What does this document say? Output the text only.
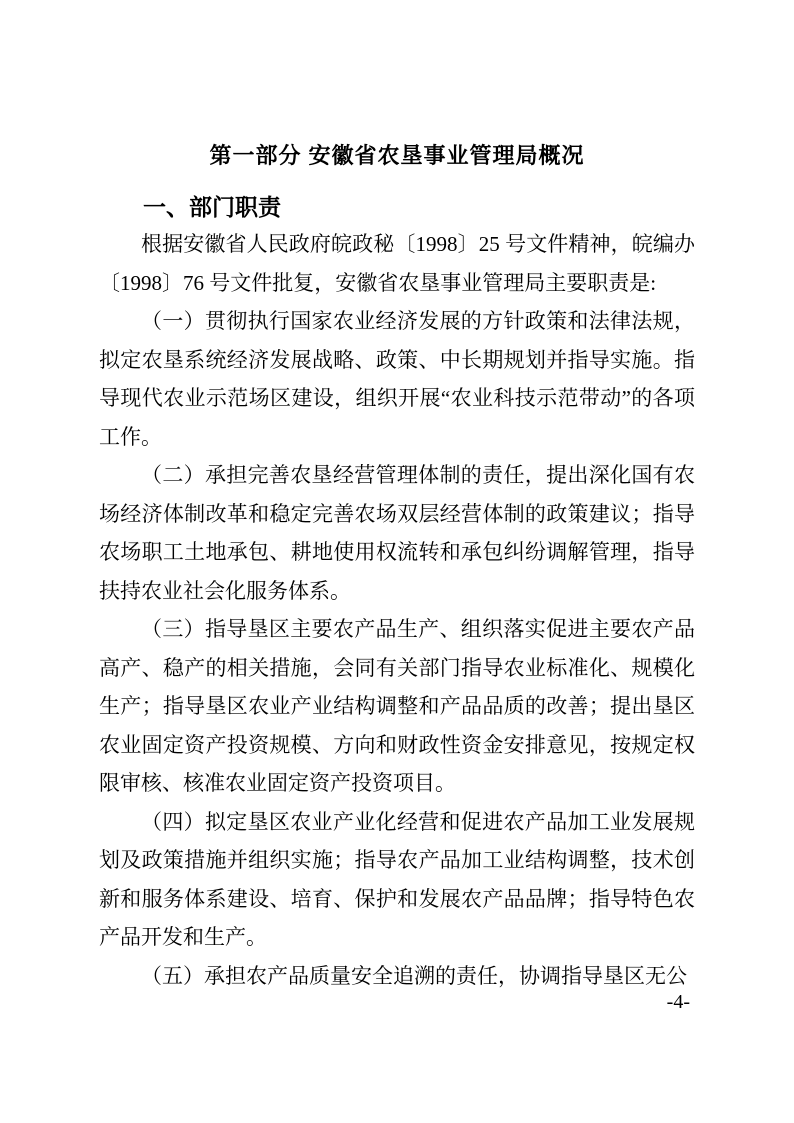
第一部分 安徽省农垦事业管理局概况
一、部门职责

根据安徽省人民政府皖政秘〔1998〕25 号文件精神，皖编办〔1998〕76 号文件批复，安徽省农垦事业管理局主要职责是:

（一）贯彻执行国家农业经济发展的方针政策和法律法规，拟定农垦系统经济发展战略、政策、中长期规划并指导实施。指导现代农业示范场区建设，组织开展“农业科技示范带动”的各项工作。

（二）承担完善农垦经营管理体制的责任，提出深化国有农场经济体制改革和稳定完善农场双层经营体制的政策建议；指导农场职工土地承包、耕地使用权流转和承包纠纷调解管理，指导扶持农业社会化服务体系。

（三）指导垦区主要农产品生产、组织落实促进主要农产品高产、稳产的相关措施，会同有关部门指导农业标准化、规模化生产；指导垦区农业产业结构调整和产品品质的改善；提出垦区农业固定资产投资规模、方向和财政性资金安排意见，按规定权限审核、核准农业固定资产投资项目。

（四）拟定垦区农业产业化经营和促进农产品加工业发展规划及政策措施并组织实施；指导农产品加工业结构调整，技术创新和服务体系建设、培育、保护和发展农产品品牌；指导特色农产品开发和生产。

（五）承担农产品质量安全追溯的责任，协调指导垦区无公

-4-
